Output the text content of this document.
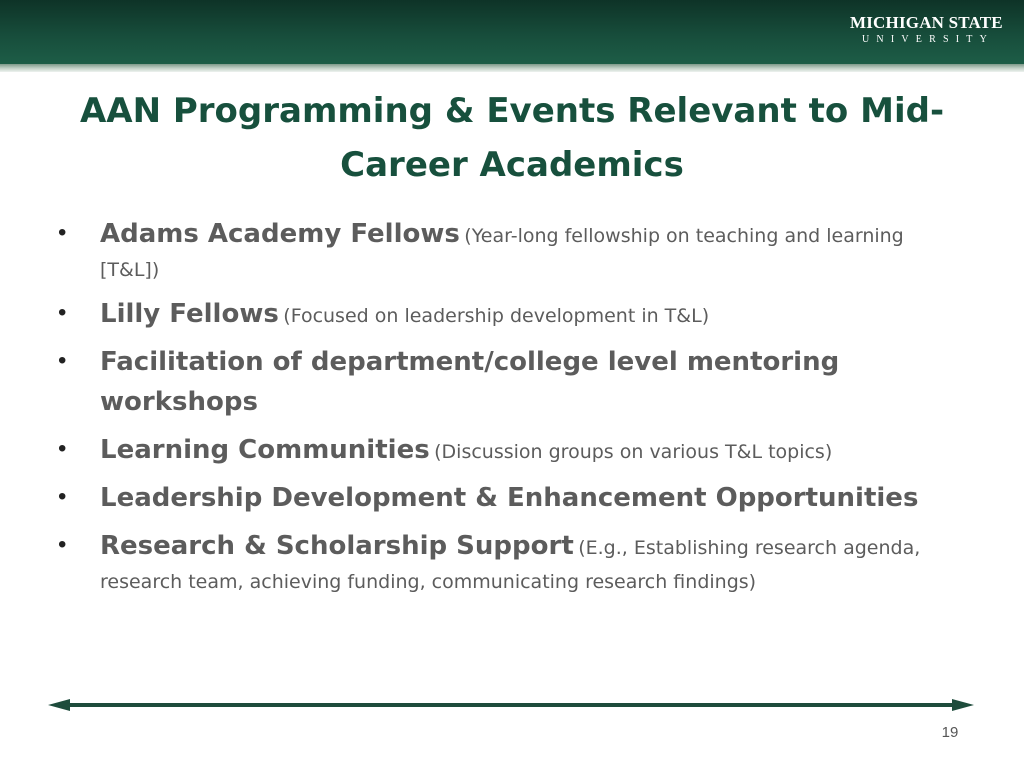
MICHIGAN STATE
UNIVERSITY
AAN Programming & Events Relevant to Mid-Career Academics
• Adams Academy Fellows (Year-long fellowship on teaching and learning [T&L])
• Lilly Fellows (Focused on leadership development in T&L)
• Facilitation of department/college level mentoring workshops
• Learning Communities (Discussion groups on various T&L topics)
• Leadership Development & Enhancement Opportunities
• Research & Scholarship Support (E.g., Establishing research agenda, research team, achieving funding, communicating research findings)
19
